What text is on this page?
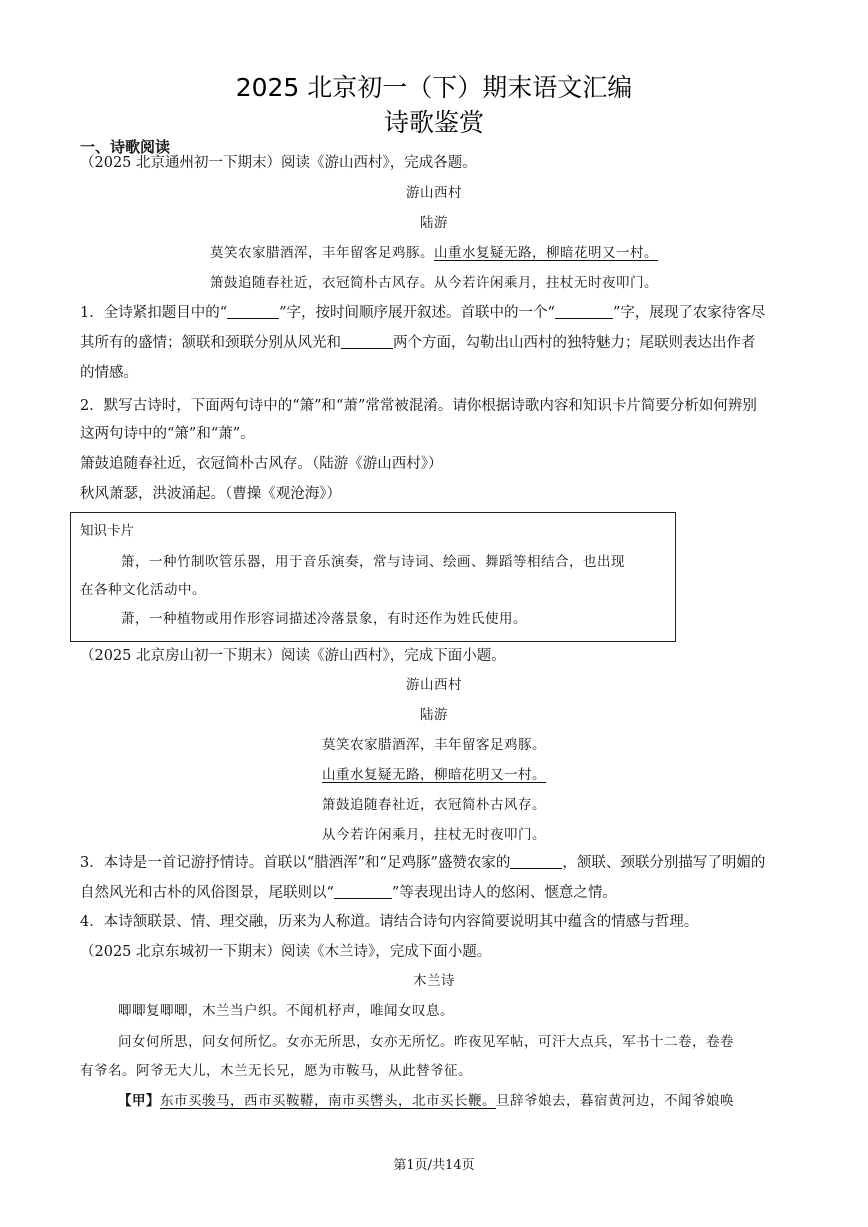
2025 北京初一（下）期末语文汇编
诗歌鉴赏
一、诗歌阅读
（2025 北京通州初一下期末）阅读《游山西村》，完成各题。
游山西村
陆游
莫笑农家腊酒浑，丰年留客足鸡豚。山重水复疑无路，柳暗花明又一村。
箫鼓追随春社近，衣冠简朴古风存。从今若许闲乘月，拄杖无时夜叩门。
1．全诗紧扣题目中的“	”字，按时间顺序展开叙述。首联中的一个“	”字，展现了农家待客尽
其所有的盛情；颔联和颈联分别从风光和	两个方面，勾勒出山西村的独特魅力；尾联则表达出作者
的情感。
2．默写古诗时，下面两句诗中的“箫”和“萧”常常被混淆。请你根据诗歌内容和知识卡片简要分析如何辨别
这两句诗中的“箫”和“萧”。
箫鼓追随春社近，衣冠简朴古风存。（陆游《游山西村》）
秋风萧瑟，洪波涌起。（曹操《观沧海》）
知识卡片
箫，一种竹制吹管乐器，用于音乐演奏，常与诗词、绘画、舞蹈等相结合，也出现
在各种文化活动中。
萧，一种植物或用作形容词描述冷落景象，有时还作为姓氏使用。
（2025 北京房山初一下期末）阅读《游山西村》，完成下面小题。
游山西村
陆游
莫笑农家腊酒浑，丰年留客足鸡豚。
山重水复疑无路，柳暗花明又一村。
箫鼓追随春社近，衣冠简朴古风存。
从今若许闲乘月，拄杖无时夜叩门。
3．本诗是一首记游抒情诗。首联以“腊酒浑”和“足鸡豚”盛赞农家的	，颔联、颈联分别描写了明媚的
自然风光和古朴的风俗图景，尾联则以“	”等表现出诗人的悠闲、惬意之情。
4．本诗颔联景、情、理交融，历来为人称道。请结合诗句内容简要说明其中蕴含的情感与哲理。
（2025 北京东城初一下期末）阅读《木兰诗》，完成下面小题。
木兰诗
唧唧复唧唧，木兰当户织。不闻机杼声，唯闻女叹息。
问女何所思，问女何所忆。女亦无所思，女亦无所忆。昨夜见军帖，可汗大点兵，军书十二卷，卷卷
有爷名。阿爷无大儿，木兰无长兄，愿为市鞍马，从此替爷征。
【甲】东市买骏马，西市买鞍鞯，南市买辔头，北市买长鞭。旦辞爷娘去，暮宿黄河边，不闻爷娘唤
第1页/共14页
